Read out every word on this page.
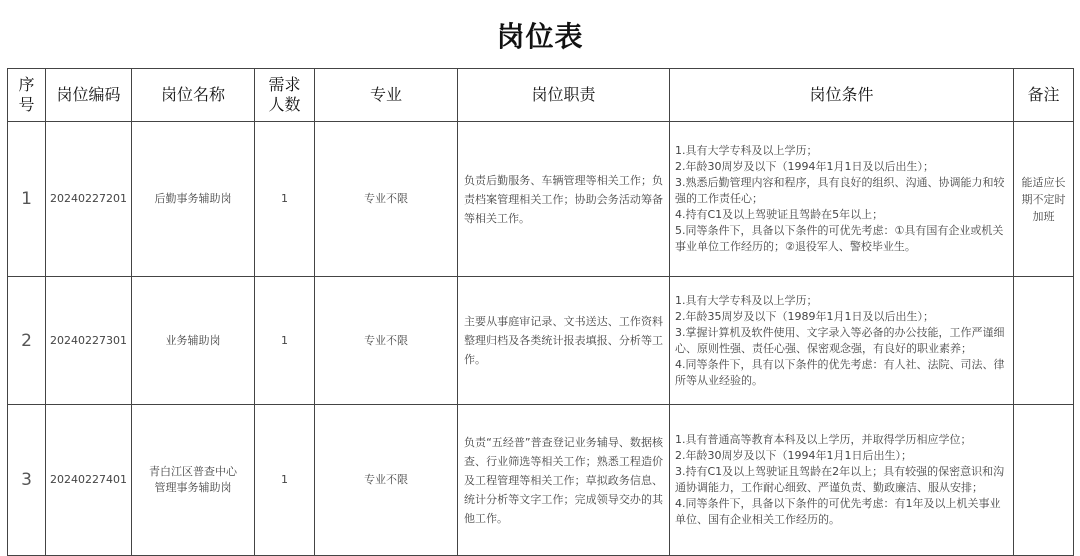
岗位表
序号	岗位编码	岗位名称	需求人数	专业	岗位职责	岗位条件	备注
1	20240227201	后勤事务辅助岗	1	专业不限	负责后勤服务、车辆管理等相关工作；负责档案管理相关工作；协助会务活动筹备等相关工作。	1.具有大学专科及以上学历；
2.年龄30周岁及以下（1994年1月1日及以后出生）；
3.熟悉后勤管理内容和程序，具有良好的组织、沟通、协调能力和较强的工作责任心；
4.持有C1及以上驾驶证且驾龄在5年以上；
5.同等条件下，具备以下条件的可优先考虑：①具有国有企业或机关事业单位工作经历的；②退役军人、警校毕业生。	能适应长期不定时加班
2	20240227301	业务辅助岗	1	专业不限	主要从事庭审记录、文书送达、工作资料整理归档及各类统计报表填报、分析等工作。	1.具有大学专科及以上学历；
2.年龄35周岁及以下（1989年1月1日及以后出生）；
3.掌握计算机及软件使用、文字录入等必备的办公技能，工作严谨细心、原则性强、责任心强、保密观念强，有良好的职业素养；
4.同等条件下，具有以下条件的优先考虑：有人社、法院、司法、律所等从业经验的。	

3	20240227401	青白江区普查中心管理事务辅助岗	1	专业不限	负责“五经普”普查登记业务辅导、数据核查、行业筛选等相关工作；熟悉工程造价及工程管理等相关工作；草拟政务信息、统计分析等文字工作；完成领导交办的其他工作。	1.具有普通高等教育本科及以上学历，并取得学历相应学位；
2.年龄30周岁及以下（1994年1月1日后出生）；
3.持有C1及以上驾驶证且驾龄在2年以上；具有较强的保密意识和沟通协调能力，工作耐心细致、严谨负责、勤政廉洁、服从安排；
4.同等条件下，具备以下条件的可优先考虑：有1年及以上机关事业单位、国有企业相关工作经历的。	
